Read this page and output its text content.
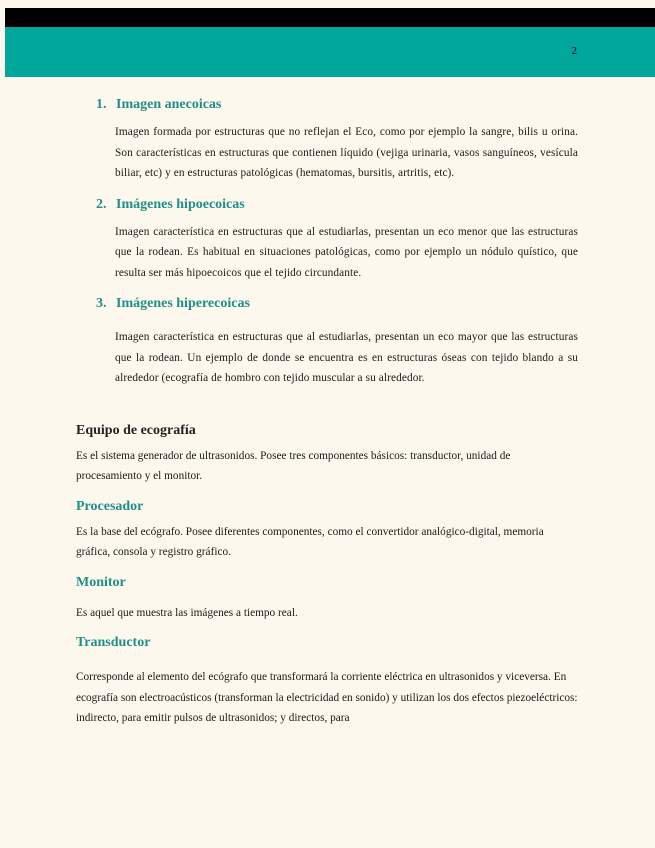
2
1. Imagen anecoicas

Imagen formada por estructuras que no reflejan el Eco, como por ejemplo la sangre, bilis u orina. Son características en estructuras que contienen líquido (vejiga urinaria, vasos sanguíneos, vesícula biliar, etc) y en estructuras patológicas (hematomas, bursitis, artritis, etc).

2. Imágenes hipoecoicas

Imagen característica en estructuras que al estudiarlas, presentan un eco menor que las estructuras que la rodean. Es habitual en situaciones patológicas, como por ejemplo un nódulo quístico, que resulta ser más hipoecoicos que el tejido circundante.

3. Imágenes hiperecoicas

Imagen característica en estructuras que al estudiarlas, presentan un eco mayor que las estructuras que la rodean. Un ejemplo de donde se encuentra es en estructuras óseas con tejido blando a su alrededor (ecografía de hombro con tejido muscular a su alrededor.

Equipo de ecografía

Es el sistema generador de ultrasonidos. Posee tres componentes básicos: transductor, unidad de procesamiento y el monitor.

Procesador

Es la base del ecógrafo. Posee diferentes componentes, como el convertidor analógico-digital, memoria gráfica, consola y registro gráfico.

Monitor

Es aquel que muestra las imágenes a tiempo real.

Transductor

Corresponde al elemento del ecógrafo que transformará la corriente eléctrica en ultrasonidos y viceversa. En ecografía son electroacústicos (transforman la electricidad en sonido) y utilizan los dos efectos piezoeléctricos: indirecto, para emitir pulsos de ultrasonidos; y directos, para
